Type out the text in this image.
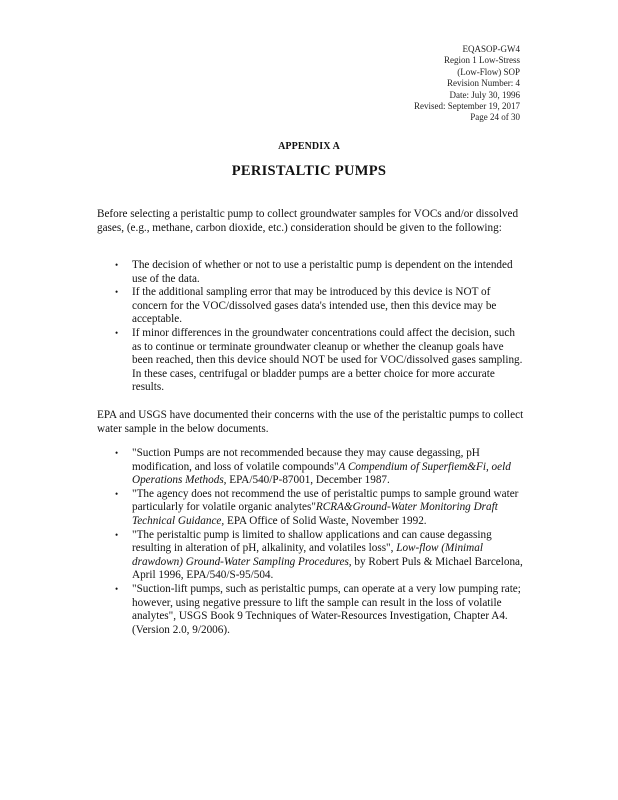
EQASOP-GW4
Region 1 Low-Stress
(Low-Flow) SOP
Revision Number: 4
Date: July 30, 1996
Revised: September 19, 2017
Page 24 of 30
APPENDIX A
PERISTALTIC PUMPS
Before selecting a peristaltic pump to collect groundwater samples for VOCs and/or dissolved gases, (e.g., methane, carbon dioxide, etc.) consideration should be given to the following:
• The decision of whether or not to use a peristaltic pump is dependent on the intended use of the data.
• If the additional sampling error that may be introduced by this device is NOT of concern for the VOC/dissolved gases data's intended use, then this device may be acceptable.
• If minor differences in the groundwater concentrations could affect the decision, such as to continue or terminate groundwater cleanup or whether the cleanup goals have been reached, then this device should NOT be used for VOC/dissolved gases sampling. In these cases, centrifugal or bladder pumps are a better choice for more accurate results.
EPA and USGS have documented their concerns with the use of the peristaltic pumps to collect water sample in the below documents.
• "Suction Pumps are not recommended because they may cause degassing, pH modification, and loss of volatile compounds"A Compendium of Superfiem&Fi, oeld Operations Methods, EPA/540/P-87001, December 1987.
• "The agency does not recommend the use of peristaltic pumps to sample ground water particularly for volatile organic analytes"RCRA&Ground-Water Monitoring Draft Technical Guidance, EPA Office of Solid Waste, November 1992.
• "The peristaltic pump is limited to shallow applications and can cause degassing resulting in alteration of pH, alkalinity, and volatiles loss", Low-flow (Minimal drawdown) Ground-Water Sampling Procedures, by Robert Puls & Michael Barcelona, April 1996, EPA/540/S-95/504.
• "Suction-lift pumps, such as peristaltic pumps, can operate at a very low pumping rate; however, using negative pressure to lift the sample can result in the loss of volatile analytes", USGS Book 9 Techniques of Water-Resources Investigation, Chapter A4. (Version 2.0, 9/2006).
